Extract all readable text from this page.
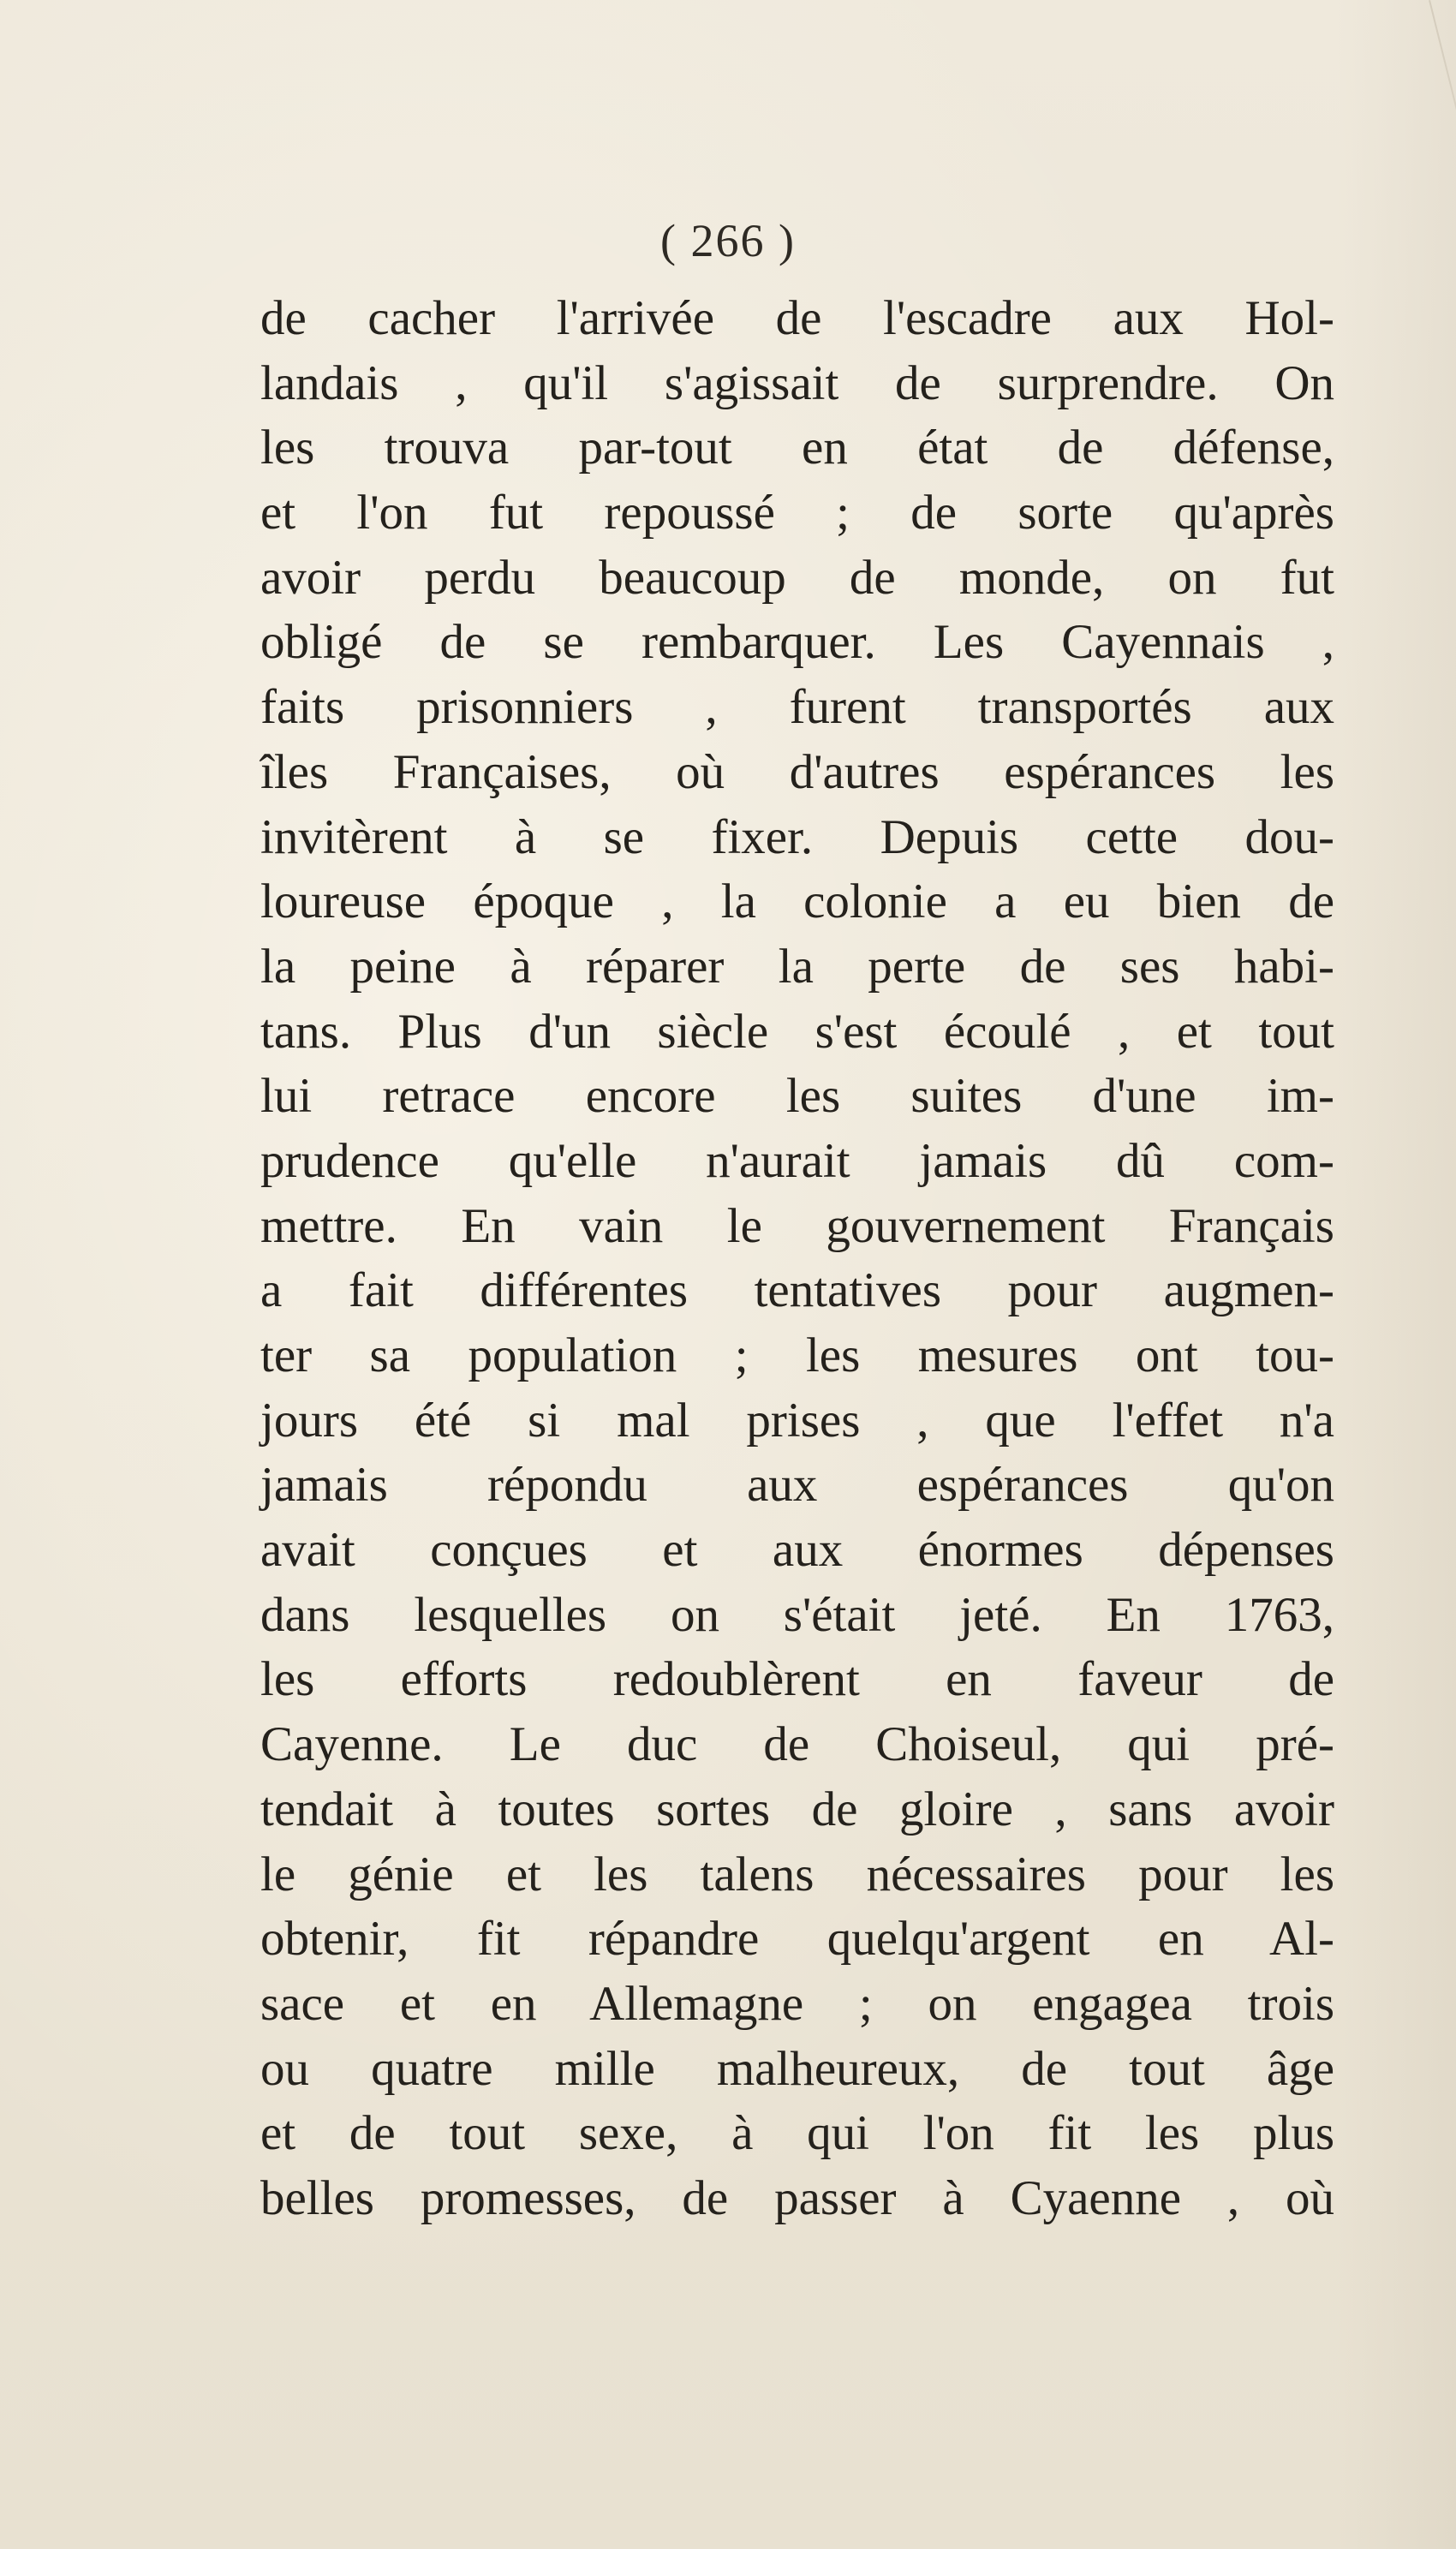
( 266 )
de cacher l'arrivée de l'escadre aux Hol-
landais , qu'il s'agissait de surprendre. On
les trouva par-tout en état de défense,
et l'on fut repoussé ; de sorte qu'après
avoir perdu beaucoup de monde, on fut
obligé de se rembarquer. Les Cayennais ,
faits prisonniers , furent transportés aux
îles Françaises, où d'autres espérances les
invitèrent à se fixer. Depuis cette dou-
loureuse époque , la colonie a eu bien de
la peine à réparer la perte de ses habi-
tans. Plus d'un siècle s'est écoulé , et tout
lui retrace encore les suites d'une im-
prudence qu'elle n'aurait jamais dû com-
mettre. En vain le gouvernement Français
a fait différentes tentatives pour augmen-
ter sa population ; les mesures ont tou-
jours été si mal prises , que l'effet n'a
jamais répondu aux espérances qu'on
avait conçues et aux énormes dépenses
dans lesquelles on s'était jeté. En 1763,
les efforts redoublèrent en faveur de
Cayenne. Le duc de Choiseul, qui pré-
tendait à toutes sortes de gloire , sans avoir
le génie et les talens nécessaires pour les
obtenir, fit répandre quelqu'argent en Al-
sace et en Allemagne ; on engagea trois
ou quatre mille malheureux, de tout âge
et de tout sexe, à qui l'on fit les plus
belles promesses, de passer à Cyaenne , où
